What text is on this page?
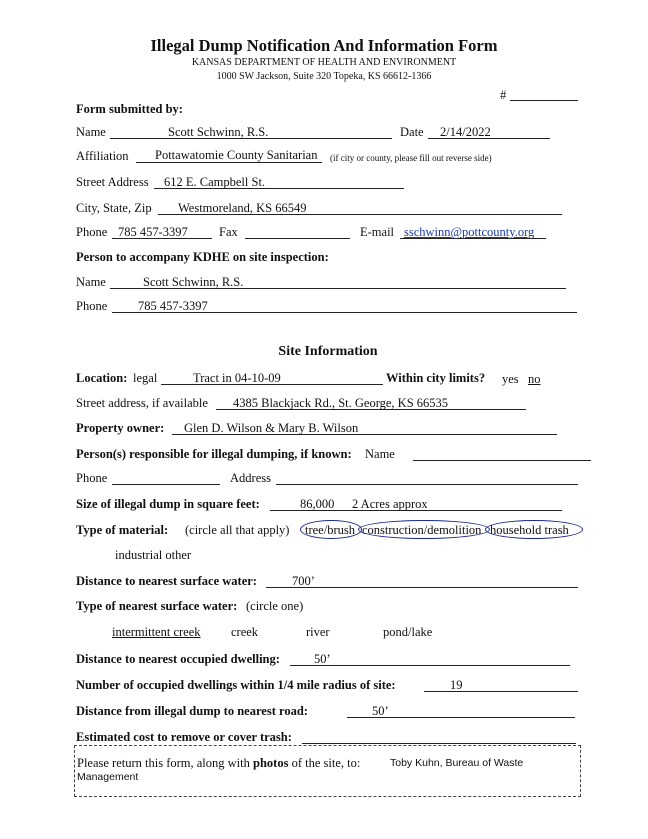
Illegal Dump Notification And Information Form
KANSAS DEPARTMENT OF HEALTH AND ENVIRONMENT
1000 SW Jackson, Suite 320 Topeka, KS 66612-1366
#
Form submitted by:
Name	Scott Schwinn, R.S.	Date 2/14/2022
Affiliation Pottawatomie County Sanitarian (if city or county, please fill out reverse side)
Street Address 612 E. Campbell St.
City, State, Zip Westmoreland, KS 66549
Phone 785 457-3397 Fax	E-mail sschwinn@pottcounty.org
Person to accompany KDHE on site inspection:
Name	Scott Schwinn, R.S.
Phone 785 457-3397
Site Information
Location: legal	Tract in 04-10-09	Within city limits? yes no
Street address, if available 4385 Blackjack Rd., St. George, KS 66535
Property owner: Glen D. Wilson & Mary B. Wilson
Person(s) responsible for illegal dumping, if known: Name
Phone	Address
Size of illegal dump in square feet:	86,000 2 Acres approx
Type of material: (circle all that apply) tree/brush construction/demolition household trash
industrial other
Distance to nearest surface water:	700’
Type of nearest surface water: (circle one)
intermittent creek creek	river	pond/lake
Distance to nearest occupied dwelling:	50’
Number of occupied dwellings within 1/4 mile radius of site:	19
Distance from illegal dump to nearest road:	50’
Estimated cost to remove or cover trash:
Please return this form, along with photos of the site, to:	Toby Kuhn, Bureau of Waste
Management
